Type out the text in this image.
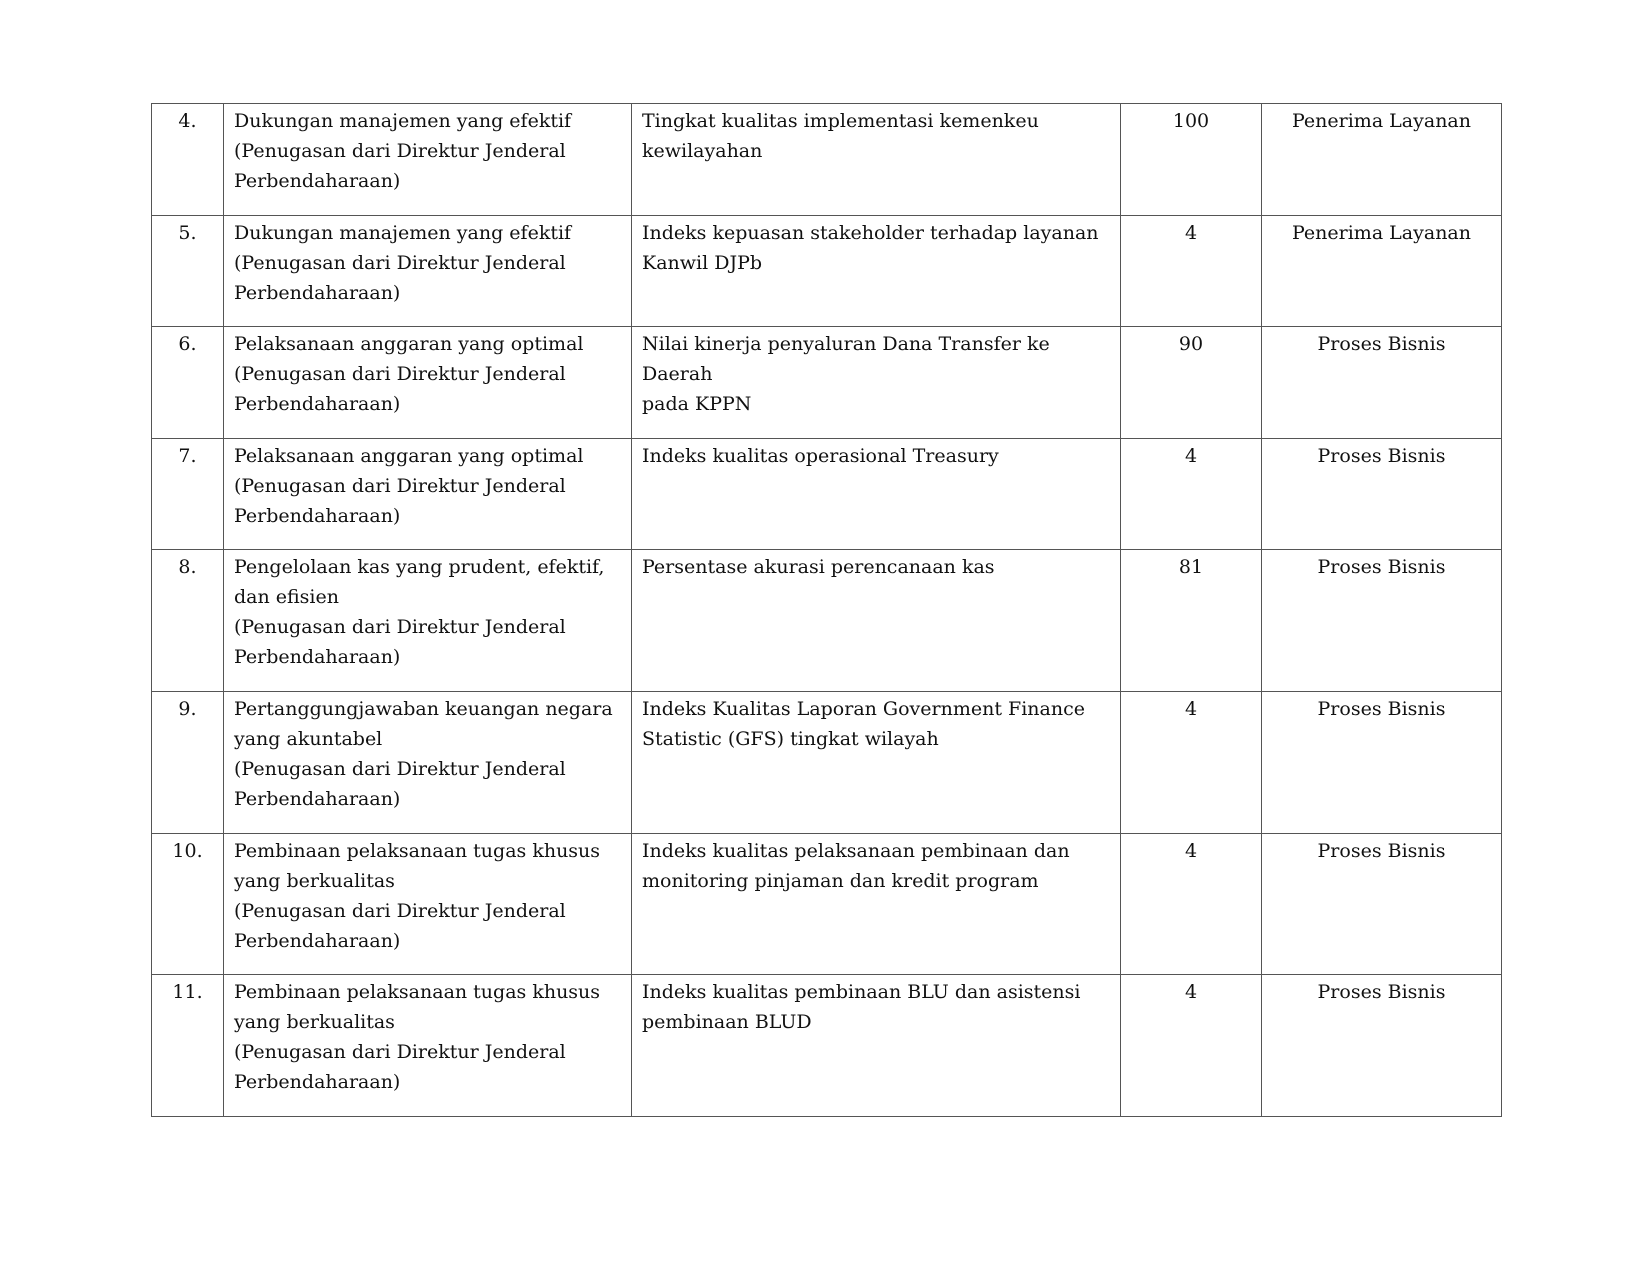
4.	Dukungan manajemen yang efektif
(Penugasan dari Direktur Jenderal
Perbendaharaan)	Tingkat kualitas implementasi kemenkeu
kewilayahan	100	Penerima Layanan
5.	Dukungan manajemen yang efektif
(Penugasan dari Direktur Jenderal
Perbendaharaan)	Indeks kepuasan stakeholder terhadap layanan
Kanwil DJPb	4	Penerima Layanan
6.	Pelaksanaan anggaran yang optimal
(Penugasan dari Direktur Jenderal
Perbendaharaan)	Nilai kinerja penyaluran Dana Transfer ke Daerah
pada KPPN	90	Proses Bisnis
7.	Pelaksanaan anggaran yang optimal
(Penugasan dari Direktur Jenderal
Perbendaharaan)	Indeks kualitas operasional Treasury	4	Proses Bisnis
8.	Pengelolaan kas yang prudent, efektif,
dan efisien
(Penugasan dari Direktur Jenderal
Perbendaharaan)	Persentase akurasi perencanaan kas	81	Proses Bisnis
9.	Pertanggungjawaban keuangan negara
yang akuntabel
(Penugasan dari Direktur Jenderal
Perbendaharaan)	Indeks Kualitas Laporan Government Finance
Statistic (GFS) tingkat wilayah	4	Proses Bisnis
10.	Pembinaan pelaksanaan tugas khusus
yang berkualitas
(Penugasan dari Direktur Jenderal
Perbendaharaan)	Indeks kualitas pelaksanaan pembinaan dan
monitoring pinjaman dan kredit program	4	Proses Bisnis
11.	Pembinaan pelaksanaan tugas khusus
yang berkualitas
(Penugasan dari Direktur Jenderal
Perbendaharaan)	Indeks kualitas pembinaan BLU dan asistensi
pembinaan BLUD	4	Proses Bisnis
